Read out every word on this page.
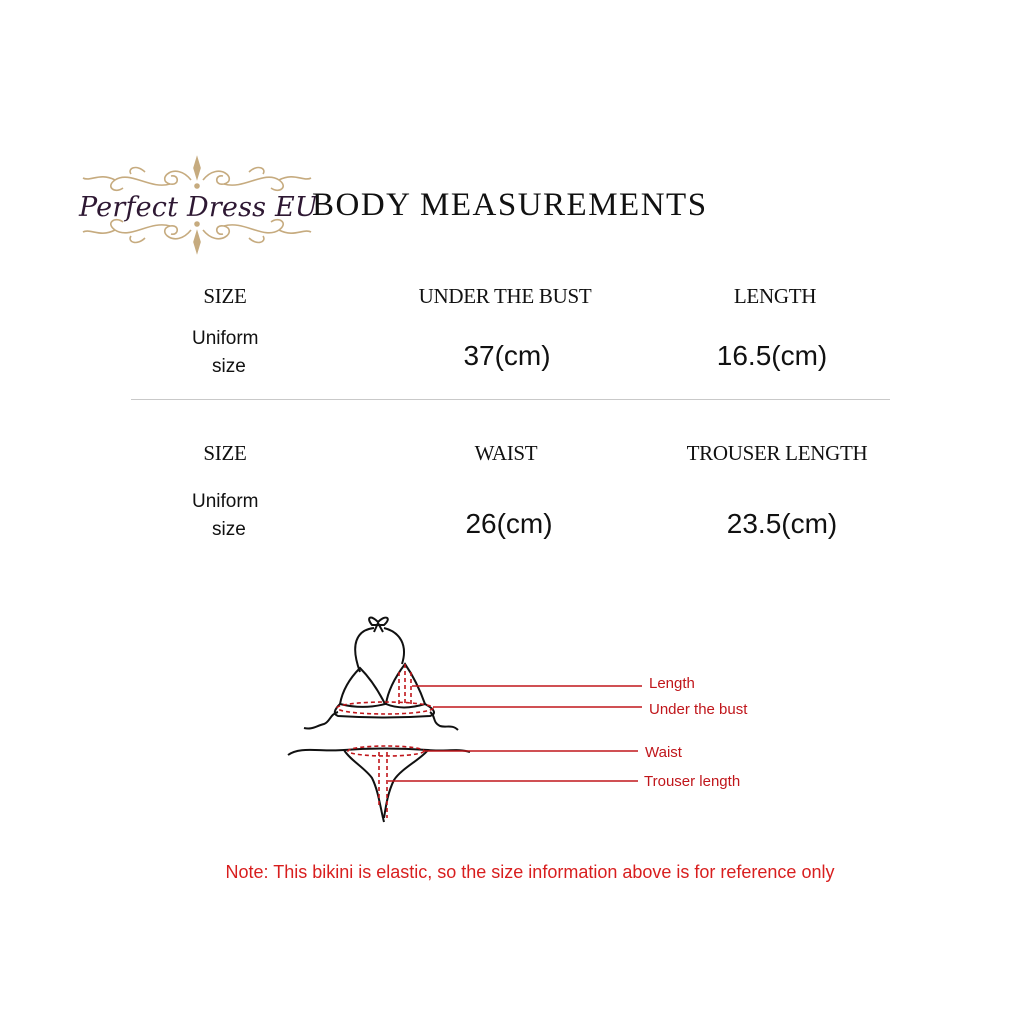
Perfect Dress EU
BODY MEASUREMENTS
SIZE	UNDER THE BUST	LENGTH
Uniform
size	37(cm)	16.5(cm)
SIZE	WAIST	TROUSER LENGTH
Uniform
size	26(cm)	23.5(cm)
Length
Under the bust
Waist
Trouser length
Note: This bikini is elastic, so the size information above is for reference only
